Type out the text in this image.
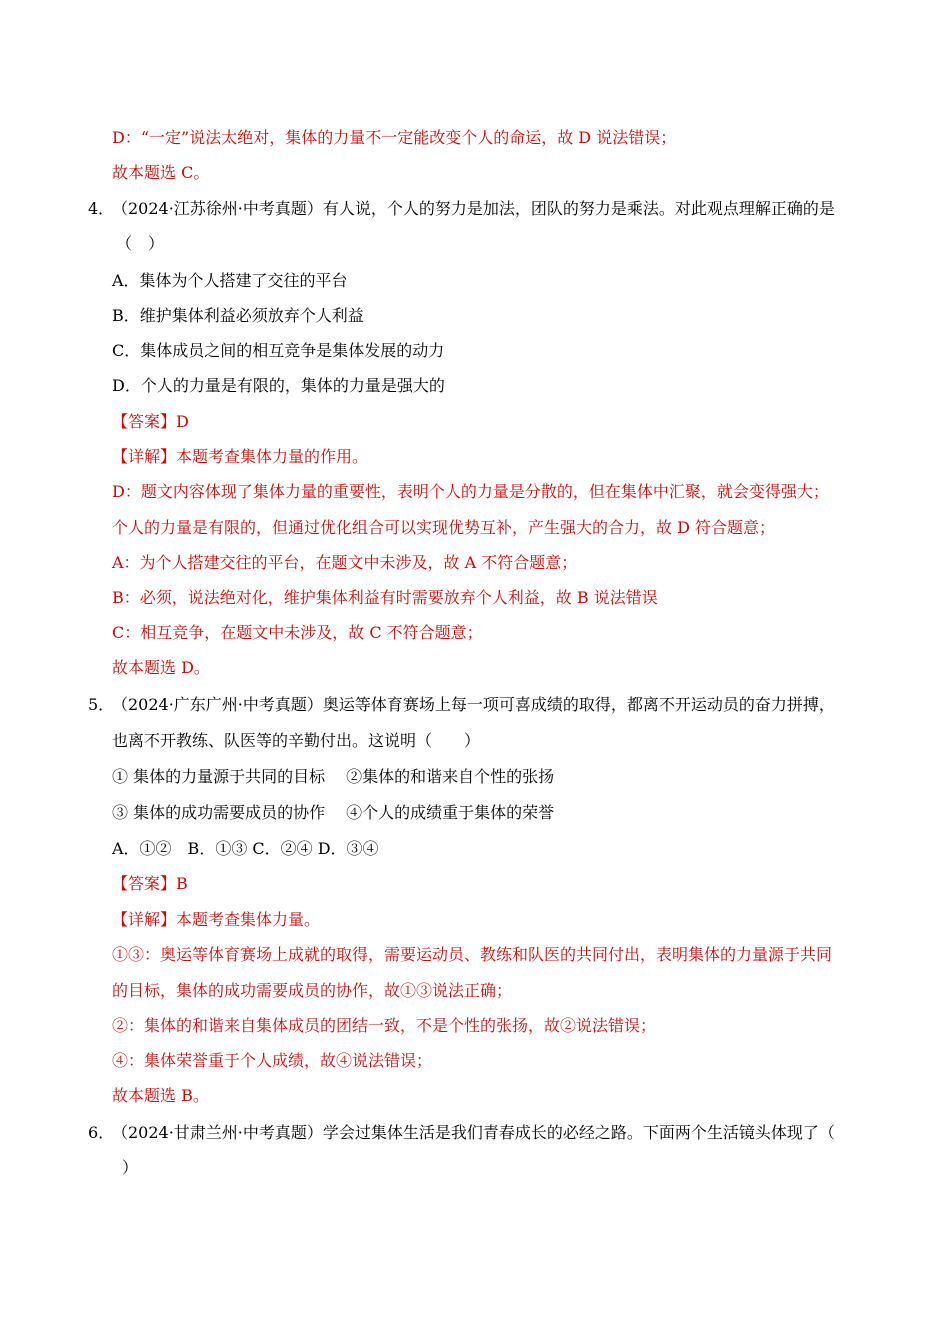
D：“一定”说法太绝对，集体的力量不一定能改变个人的命运，故 D 说法错误；
故本题选 C。
4．
（2024·江苏徐州·中考真题）有人说，个人的努力是加法，团队的努力是乘法。对此观点理解正确的是
（　）
A．集体为个人搭建了交往的平台
B．维护集体利益必须放弃个人利益
C．集体成员之间的相互竞争是集体发展的动力
D．个人的力量是有限的，集体的力量是强大的
【答案】D
【详解】本题考查集体力量的作用。
D：题文内容体现了集体力量的重要性，表明个人的力量是分散的，但在集体中汇聚，就会变得强大；
个人的力量是有限的，但通过优化组合可以实现优势互补，产生强大的合力，故 D 符合题意；
A：为个人搭建交往的平台，在题文中未涉及，故 A 不符合题意；
B：必须，说法绝对化，维护集体利益有时需要放弃个人利益，故 B 说法错误
C：相互竞争，在题文中未涉及，故 C 不符合题意；
故本题选 D。
5．
（2024·广东广州·中考真题）奥运等体育赛场上每一项可喜成绩的取得，都离不开运动员的奋力拼搏，
也离不开教练、队医等的辛勤付出。这说明（　　）
① 集体的力量源于共同的目标　 ②集体的和谐来自个性的张扬
③ 集体的成功需要成员的协作　 ④个人的成绩重于集体的荣誉
A．①②　B．①③ C．②④ D．③④
【答案】B
【详解】本题考查集体力量。
①③：奥运等体育赛场上成就的取得，需要运动员、教练和队医的共同付出，表明集体的力量源于共同
的目标，集体的成功需要成员的协作，故①③说法正确；
②：集体的和谐来自集体成员的团结一致，不是个性的张扬，故②说法错误；
④：集体荣誉重于个人成绩，故④说法错误；
故本题选 B。
6．
（2024·甘肃兰州·中考真题）学会过集体生活是我们青春成长的必经之路。下面两个生活镜头体现了（
）
